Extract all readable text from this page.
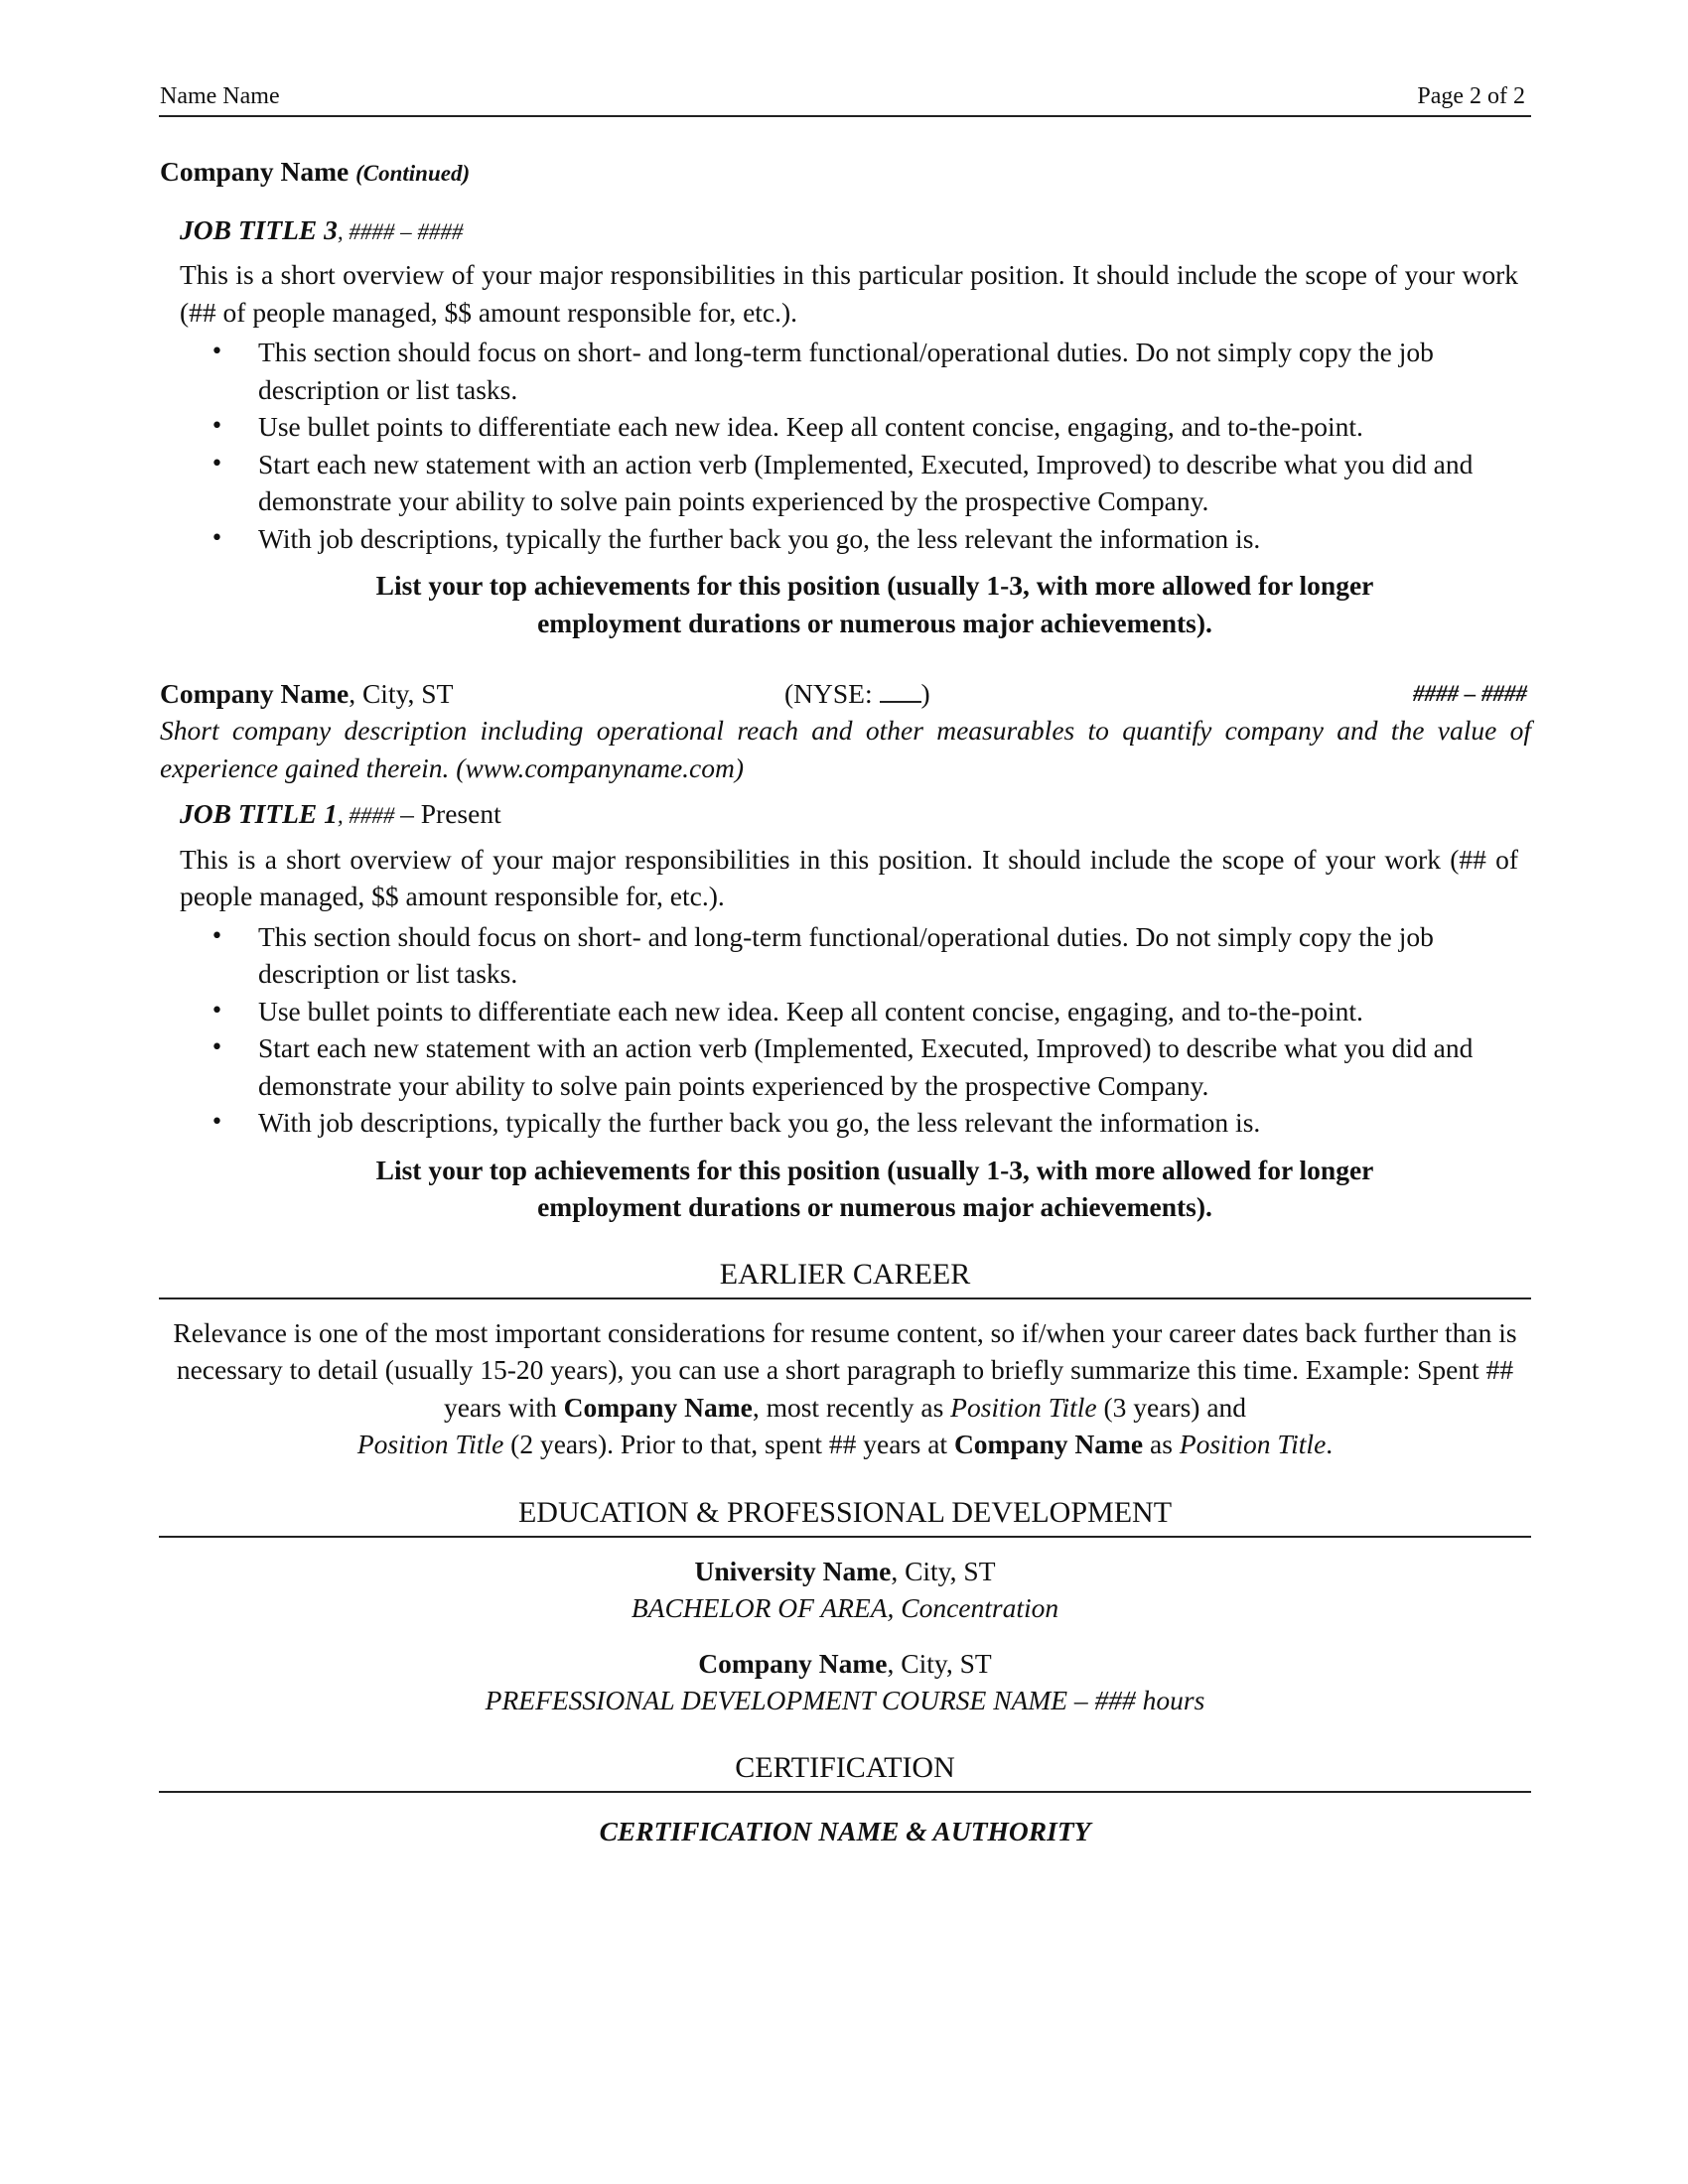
Name Name	Page 2 of 2
Company Name (Continued)
JOB TITLE 3, #### – ####
This is a short overview of your major responsibilities in this particular position. It should include the scope of your work (## of people managed, $$ amount responsible for, etc.).
• This section should focus on short- and long-term functional/operational duties. Do not simply copy the job description or list tasks.
• Use bullet points to differentiate each new idea. Keep all content concise, engaging, and to-the-point.
• Start each new statement with an action verb (Implemented, Executed, Improved) to describe what you did and demonstrate your ability to solve pain points experienced by the prospective Company.
• With job descriptions, typically the further back you go, the less relevant the information is.
List your top achievements for this position (usually 1-3, with more allowed for longer employment durations or numerous major achievements).
Company Name, City, ST	(NYSE: )	#### – ####
Short company description including operational reach and other measurables to quantify company and the value of experience gained therein. (www.companyname.com)
JOB TITLE 1, #### – Present
This is a short overview of your major responsibilities in this position. It should include the scope of your work (## of people managed, $$ amount responsible for, etc.).
• This section should focus on short- and long-term functional/operational duties. Do not simply copy the job description or list tasks.
• Use bullet points to differentiate each new idea. Keep all content concise, engaging, and to-the-point.
• Start each new statement with an action verb (Implemented, Executed, Improved) to describe what you did and demonstrate your ability to solve pain points experienced by the prospective Company.
• With job descriptions, typically the further back you go, the less relevant the information is.
List your top achievements for this position (usually 1-3, with more allowed for longer employment durations or numerous major achievements).
EARLIER CAREER
Relevance is one of the most important considerations for resume content, so if/when your career dates back further than is necessary to detail (usually 15-20 years), you can use a short paragraph to briefly summarize this time. Example: Spent ## years with Company Name, most recently as Position Title (3 years) and
Position Title (2 years). Prior to that, spent ## years at Company Name as Position Title.
EDUCATION & PROFESSIONAL DEVELOPMENT
University Name, City, ST
BACHELOR OF AREA, Concentration
Company Name, City, ST
PREFESSIONAL DEVELOPMENT COURSE NAME – ### hours
CERTIFICATION
CERTIFICATION NAME & AUTHORITY
